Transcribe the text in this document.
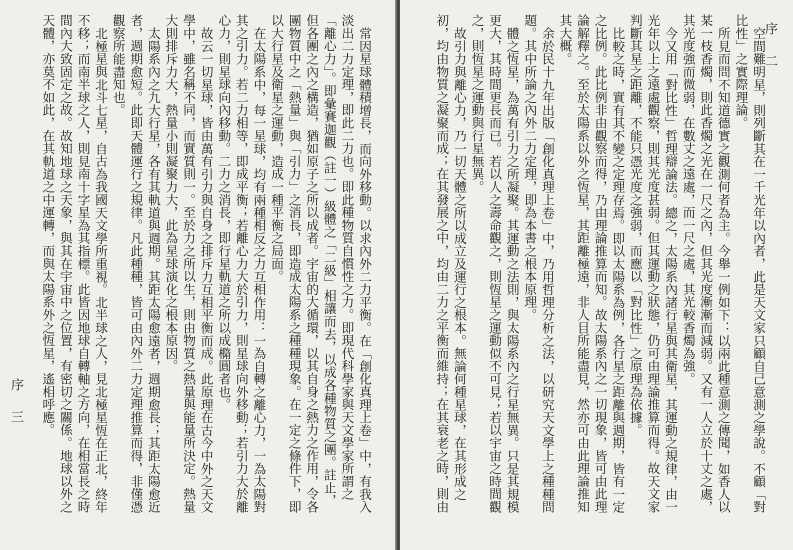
常因星球體積增長，而向外移動。以求內外二力平衡。在「創化真理上卷」中，有我入淡出二力定理，即此二力也。即此種物質自慣性之力。即現代科學家與天文學家所謂之「離心力」。即彙賽迦觀（註一）級體之「二級」相讓而去，以成各種物質之團。註止，但各團之內之構造，猶如原子之所以成者。宇宙的大循環，以其自身之熱力之作用，令各團物質中之「熱量」與「引力」之消長，即造成太陽系之種種現象。在一定之條件下，即以大行星及衛星之運動，造成一種平衡之局面。

在太陽系中，每一星球，均有兩種相反之力互相作用：一為自轉之離心力，一為太陽對其之引力。若二力相等，即成平衡；若離心力大於引力，則星球向外移動；若引力大於離心力，則星球向內移動。二力之消長，即行星軌道之所以成橢圓者也。

故云一切星球，皆由萬有引力與自身之排斥力互相平衡而成。此原理在古今中外之天文學中，雖名稱不同，而實質則一。至於力之所以生，則由物質之熱量與能量所決定。熱量大則排斥力大，熱量小則凝聚力大，此為星球演化之根本原因。

太陽系內之九大行星，各有其軌道與週期。其距太陽愈遠者，週期愈長；其距太陽愈近者，週期愈短。此即天體運行之規律。凡此種種，皆可由內外二力定理推算而得，非僅憑觀察所能盡知也。

北極星與北斗七星，自古為我國天文學所重視。北半球之人，見北極星恆在正北，終年不移；而南半球之人，則見南十字星為其指標。此皆因地球自轉軸之方向，在相當長之時間內大致固定之故。故知地球之天象，與其在宇宙中之位置，有密切之關係。地球以外之天體，亦莫不如此，在其軌道之中運轉，而與太陽系外之恆星，遙相呼應。

序　三	空間難明星，則列斷其在一千光年以內者，此是天文家只顧自己意測之學說。不顧「對比性」之實際理論。

所見而問不知道德實之觀測何者為主。今舉一例如下：以兩此種意測之傳聞，如香人以某一枝香燭，則此香燭之光在一尺之內，但其光度漸漸而減弱。又有一人立於十丈之處，其光度強而微弱，在數丈之遠處，而一尺之處，其光較香燭為強。

今又用「對比性」哲理辯論法。總之，太陽系內諸行星與其衛星，其運動之規律，由一光年以上之遠處觀察，則其光度甚弱。但其運動之狀態，仍可由理論推算而得。故天文家判斷其星之距離，不能只憑光度之強弱，而應以「對比性」之原理為依據。

比較之時，實有其不變之定理存焉。即以太陽系為例，各行星之距離與週期，皆有一定之比例。此比例非由觀察而得，乃由理論推算而知。故太陽系內之一切現象，皆可由此理論解釋之。至於太陽系以外之恆星，其距離極遠，非人目所能盡見，然亦可由此理論推知其大概。

余於民十九年出版「創化真理上卷」中，乃用哲理分析之法，以研究天文學上之種種問題。其中所論之內外二力定理，即為本書之根本原理。

體之恆星，為萬有引力之所凝聚。其運動之法則，與太陽系內之行星無異。只是其規模更大，其時間更長而已。若以人之壽命觀之，則恆星之運動似不可見；若以宇宙之時間觀之，則恆星之運動與行星無異。

故引力與離心力，乃一切天體之所以成立及運行之根本。無論何種星球，在其形成之初，均由物質之凝聚而成；在其發展之中，均由二力之平衡而維持；在其衰老之時，則由

序　二
